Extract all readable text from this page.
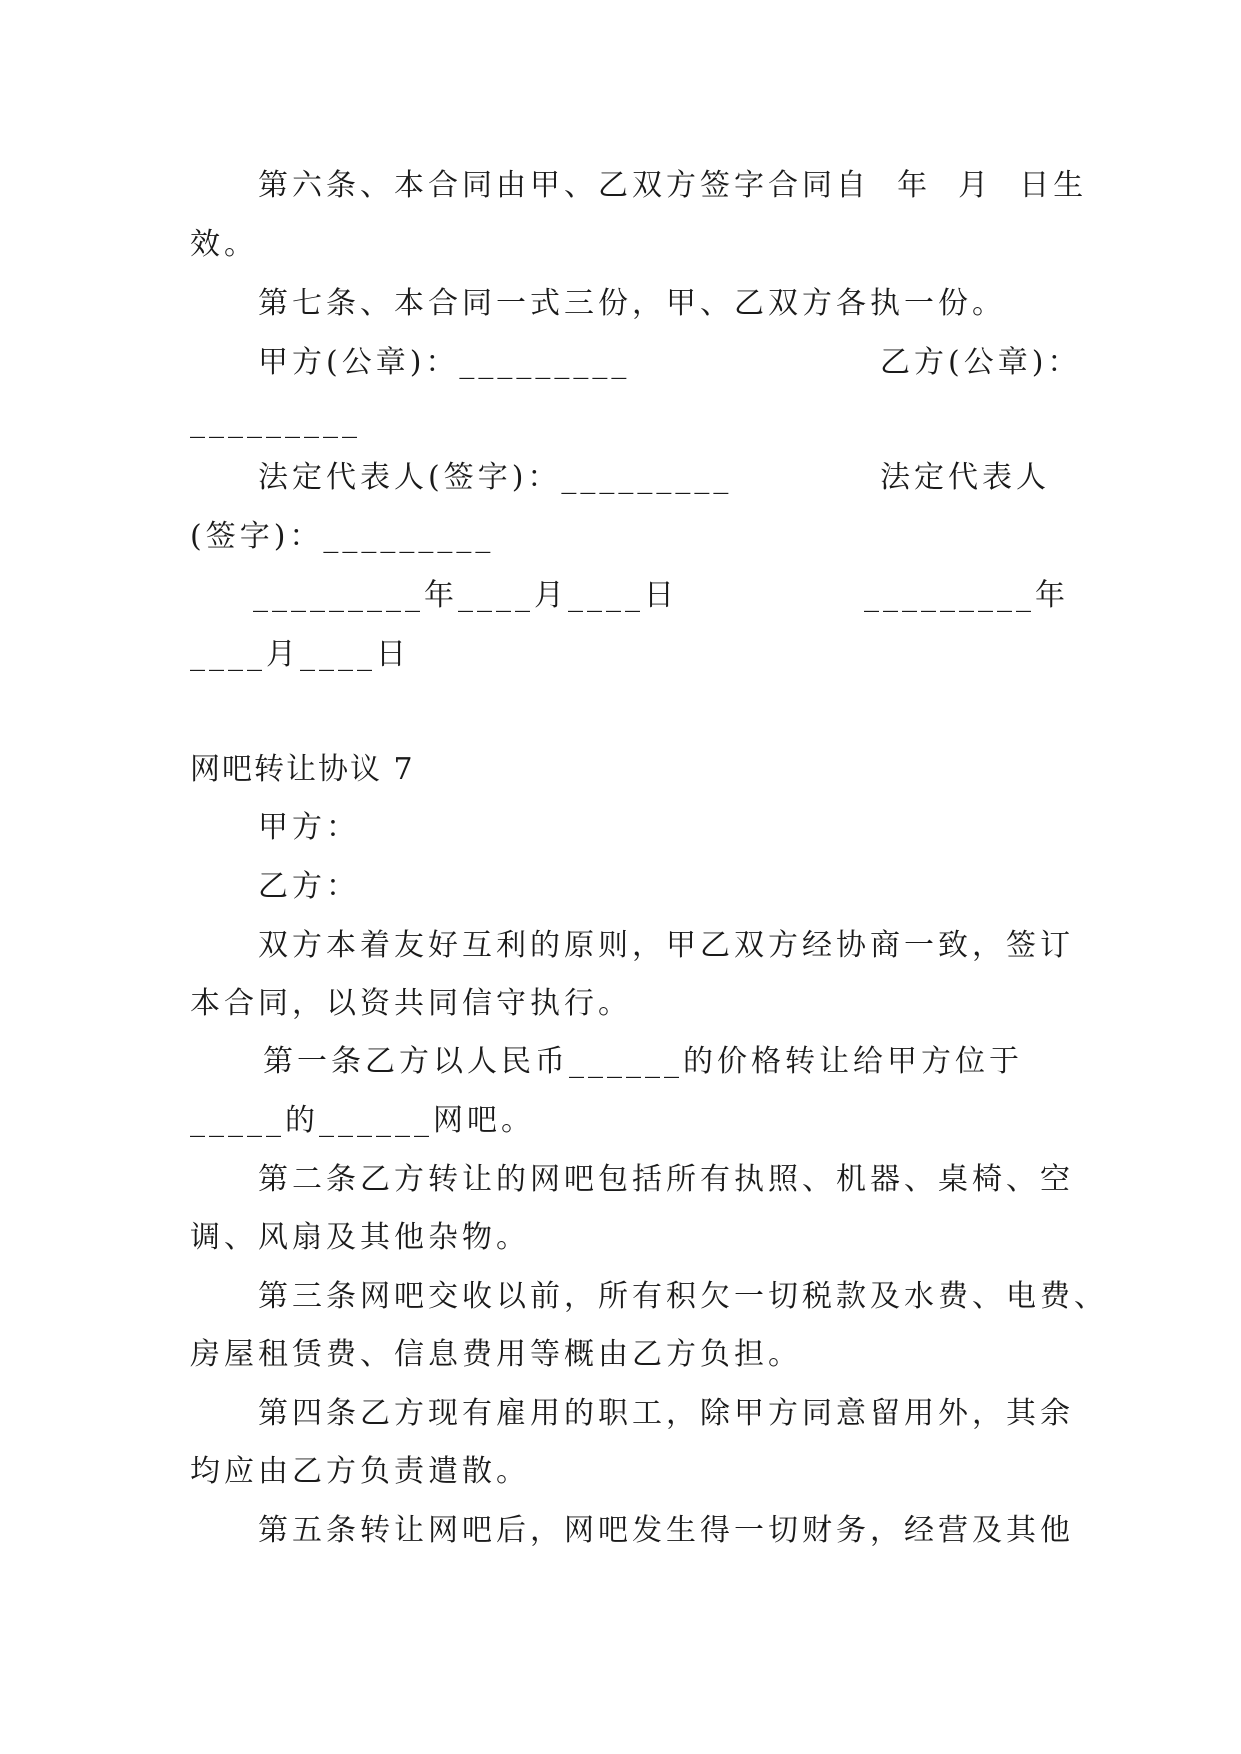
第六条、本合同由甲、乙双方签字合同自  年  月  日生

效。

第七条、本合同一式三份，甲、乙双方各执一份。

甲方(公章)：_________	乙方(公章)：

_________

法定代表人(签字)：_________	法定代表人

(签字)：_________

_________年____月____日	_________年

____月____日

网吧转让协议 7

甲方：

乙方：

双方本着友好互利的原则，甲乙双方经协商一致，签订

本合同，以资共同信守执行。

第一条乙方以人民币______的价格转让给甲方位于

_____的______网吧。

第二条乙方转让的网吧包括所有执照、机器、桌椅、空

调、风扇及其他杂物。

第三条网吧交收以前，所有积欠一切税款及水费、电费、

房屋租赁费、信息费用等概由乙方负担。

第四条乙方现有雇用的职工，除甲方同意留用外，其余

均应由乙方负责遣散。

第五条转让网吧后，网吧发生得一切财务，经营及其他
